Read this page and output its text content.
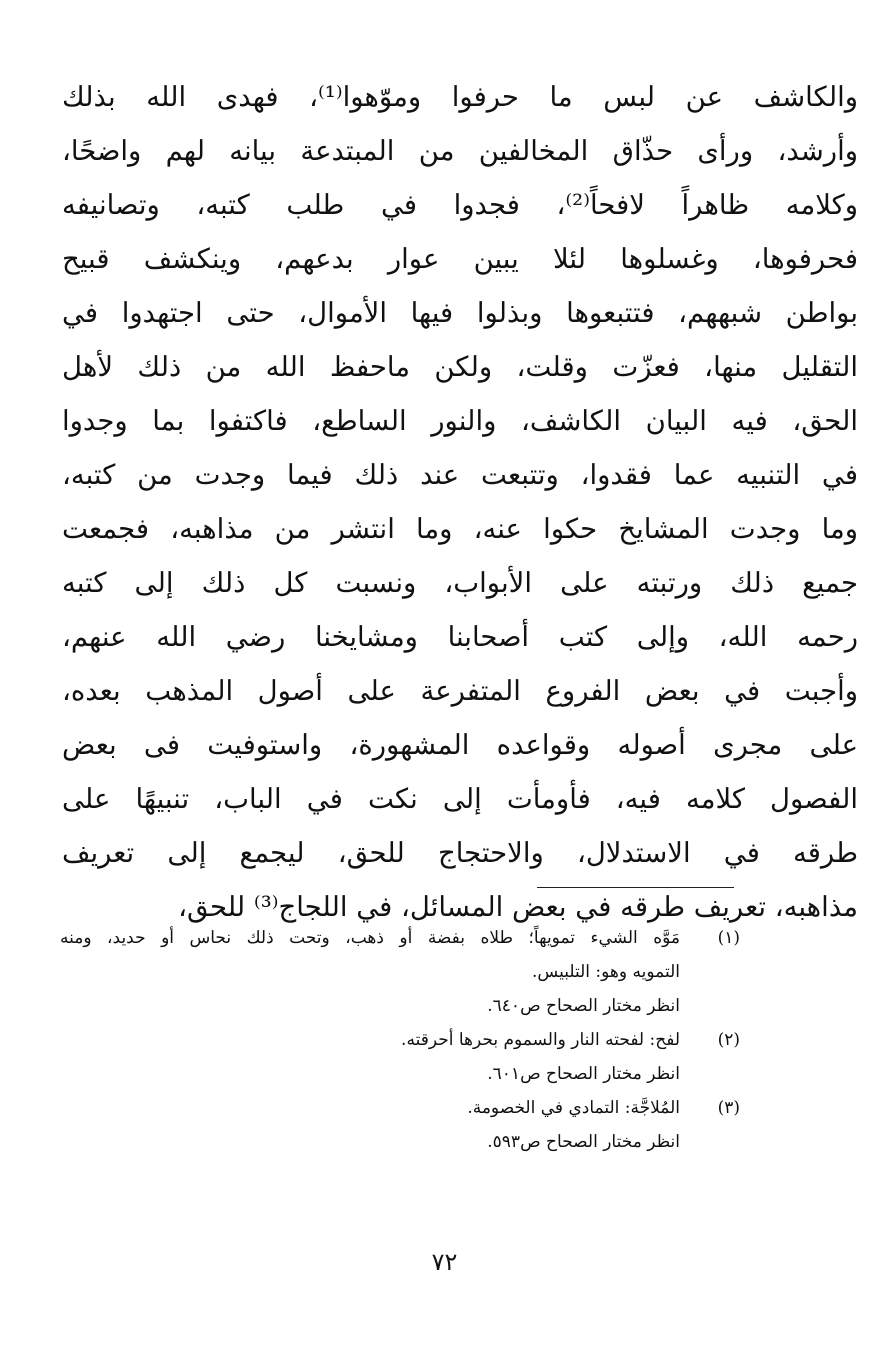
والكاشف عن لبس ما حرفوا وموّهوا⁽¹⁾، فهدى الله بذلك
وأرشد، ورأى حذّاق المخالفين من المبتدعة بيانه لهم واضحًا،
وكلامه ظاهراً لافحاً⁽²⁾، فجدوا في طلب كتبه، وتصانيفه
فحرفوها، وغسلوها لئلا يبين عوار بدعهم، وينكشف قبيح
بواطن شبههم، فتتبعوها وبذلوا فيها الأموال، حتى اجتهدوا في
التقليل منها، فعزّت وقلت، ولكن ماحفظ الله من ذلك لأهل
الحق، فيه البيان الكاشف، والنور الساطع، فاكتفوا بما وجدوا
في التنبيه عما فقدوا، وتتبعت عند ذلك فيما وجدت من كتبه،
وما وجدت المشايخ حكوا عنه، وما انتشر من مذاهبه، فجمعت
جميع ذلك ورتبته على الأبواب، ونسبت كل ذلك إلى كتبه
رحمه الله، وإلى كتب أصحابنا ومشايخنا رضي الله عنهم،
وأجبت في بعض الفروع المتفرعة على أصول المذهب بعده،
على مجرى أصوله وقواعده المشهورة، واستوفيت فى بعض
الفصول كلامه فيه، فأومأت إلى نكت في الباب، تنبيهًا على
طرقه في الاستدلال، والاحتجاج للحق، ليجمع إلى تعريف
مذاهبه، تعريف طرقه في بعض المسائل، في اللجاج⁽³⁾ للحق،
(١)
مَوَّه الشيء تمويهاً؛ طلاه بفضة أو ذهب، وتحت ذلك نحاس أو حديد، ومنه
التمويه وهو: التلبيس.
انظر مختار الصحاح ص٦٤٠.
(٢)
لفح: لفحته النار والسموم بحرها أحرقته.
انظر مختار الصحاح ص٦٠١.
(٣)
المُلاجَّة: التمادي في الخصومة.
انظر مختار الصحاح ص٥٩٣.
٧٢
